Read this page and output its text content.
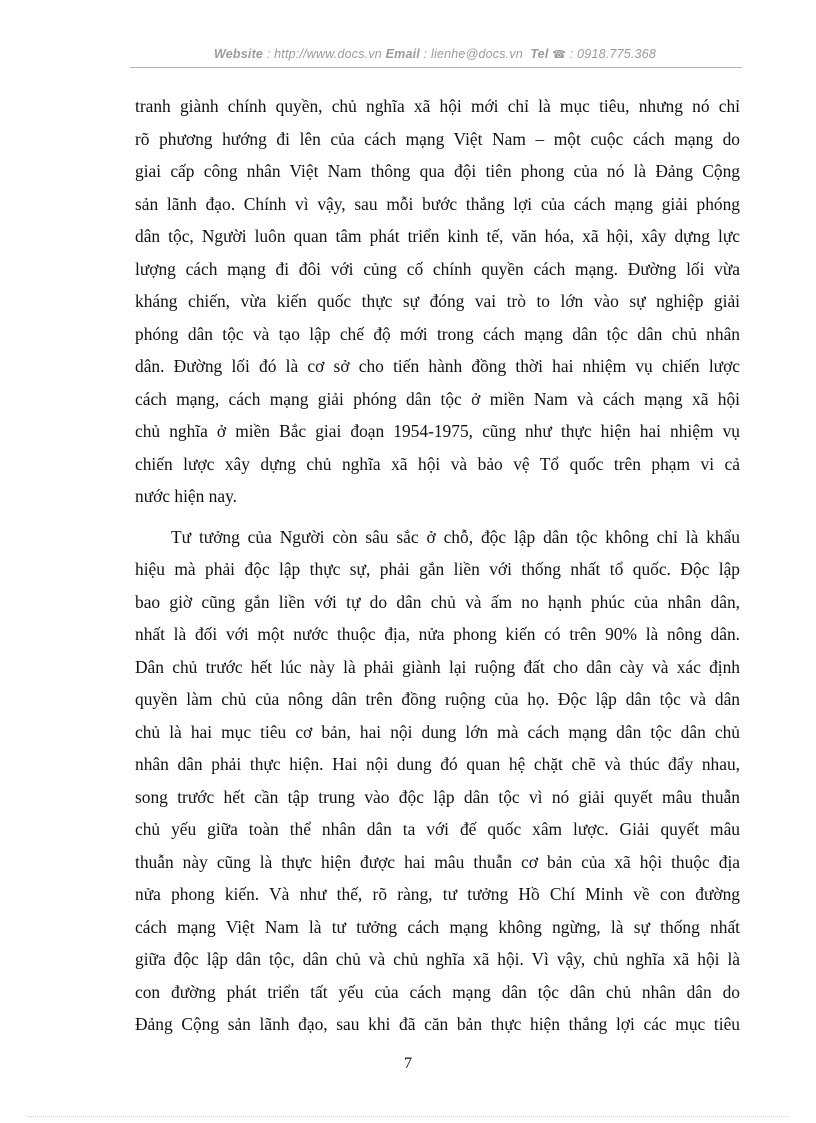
Website : http://www.docs.vn Email : lienhe@docs.vn Tel ☎ : 0918.775.368
tranh giành chính quyền, chủ nghĩa xã hội mới chỉ là mục tiêu, nhưng nó chỉ
rõ phương hướng đi lên của cách mạng Việt Nam – một cuộc cách mạng do
giai cấp công nhân Việt Nam thông qua đội tiên phong của nó là Đảng Cộng
sản lãnh đạo. Chính vì vậy, sau mỗi bước thắng lợi của cách mạng giải phóng
dân tộc, Người luôn quan tâm phát triển kinh tế, văn hóa, xã hội, xây dựng lực
lượng cách mạng đi đôi với củng cố chính quyền cách mạng. Đường lối vừa
kháng chiến, vừa kiến quốc thực sự đóng vai trò to lớn vào sự nghiệp giải
phóng dân tộc và tạo lập chế độ mới trong cách mạng dân tộc dân chủ nhân
dân. Đường lối đó là cơ sở cho tiến hành đồng thời hai nhiệm vụ chiến lược
cách mạng, cách mạng giải phóng dân tộc ở miền Nam và cách mạng xã hội
chủ nghĩa ở miền Bắc giai đoạn 1954-1975, cũng như thực hiện hai nhiệm vụ
chiến lược xây dựng chủ nghĩa xã hội và bảo vệ Tổ quốc trên phạm vi cả
nước hiện nay.
Tư tưởng của Người còn sâu sắc ở chỗ, độc lập dân tộc không chỉ là khẩu
hiệu mà phải độc lập thực sự, phải gắn liền với thống nhất tổ quốc. Độc lập
bao giờ cũng gắn liền với tự do dân chủ và ấm no hạnh phúc của nhân dân,
nhất là đối với một nước thuộc địa, nửa phong kiến có trên 90% là nông dân.
Dân chủ trước hết lúc này là phải giành lại ruộng đất cho dân cày và xác định
quyền làm chủ của nông dân trên đồng ruộng của họ. Độc lập dân tộc và dân
chủ là hai mục tiêu cơ bản, hai nội dung lớn mà cách mạng dân tộc dân chủ
nhân dân phải thực hiện. Hai nội dung đó quan hệ chặt chẽ và thúc đẩy nhau,
song trước hết cần tập trung vào độc lập dân tộc vì nó giải quyết mâu thuẫn
chủ yếu giữa toàn thể nhân dân ta với đế quốc xâm lược. Giải quyết mâu
thuẫn này cũng là thực hiện được hai mâu thuẫn cơ bản của xã hội thuộc địa
nửa phong kiến. Và như thế, rõ ràng, tư tưởng Hồ Chí Minh về con đường
cách mạng Việt Nam là tư tưởng cách mạng không ngừng, là sự thống nhất
giữa độc lập dân tộc, dân chủ và chủ nghĩa xã hội. Vì vậy, chủ nghĩa xã hội là
con đường phát triển tất yếu của cách mạng dân tộc dân chủ nhân dân do
Đảng Cộng sản lãnh đạo, sau khi đã căn bản thực hiện thắng lợi các mục tiêu
7
